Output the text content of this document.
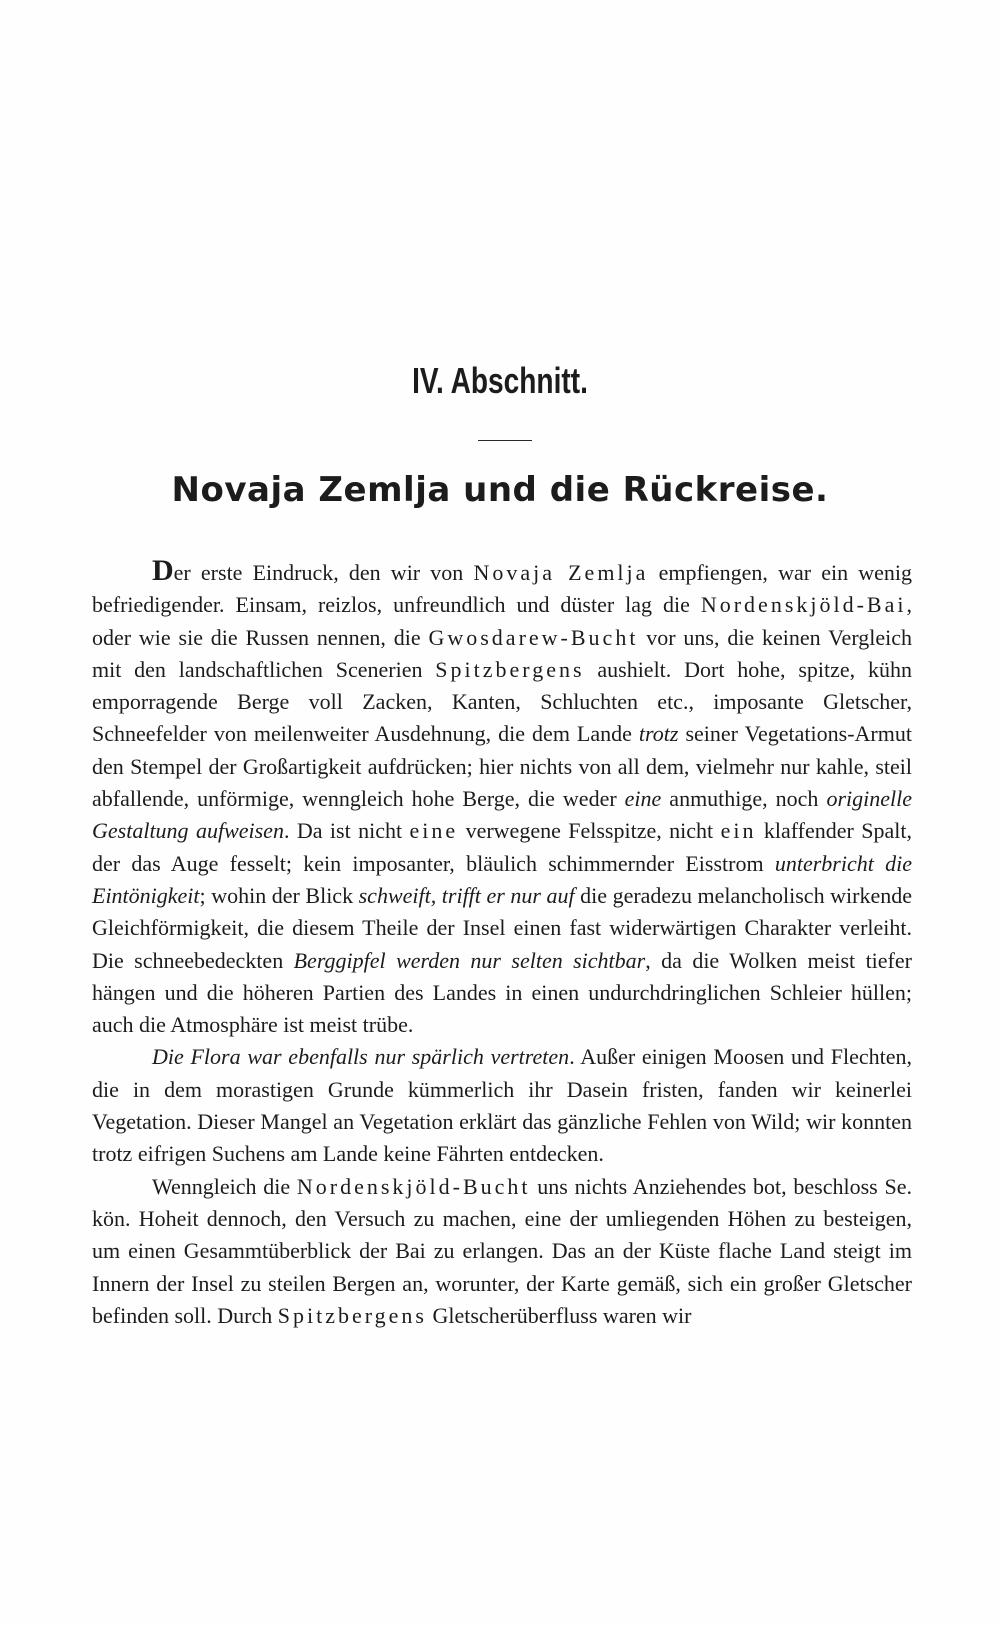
IV. Abschnitt.
Novaja Zemlja und die Rückreise.

Der erste Eindruck, den wir von Novaja Zemlja empfiengen, war ein wenig befriedigender. Einsam, reizlos, unfreundlich und düster lag die Nordenskjöld-Bai, oder wie sie die Russen nennen, die Gwosdarew-Bucht vor uns, die keinen Vergleich mit den landschaftlichen Scenerien Spitzbergens aushielt. Dort hohe, spitze, kühn emporragende Berge voll Zacken, Kanten, Schluchten etc., imposante Gletscher, Schneefelder von meilenweiter Ausdehnung, die dem Lande trotz seiner Vegetations-Armut den Stempel der Großartigkeit aufdrücken; hier nichts von all dem, vielmehr nur kahle, steil abfallende, unförmige, wenngleich hohe Berge, die weder eine anmuthige, noch originelle Gestaltung aufweisen. Da ist nicht eine verwegene Felsspitze, nicht ein klaffender Spalt, der das Auge fesselt; kein imposanter, bläulich schimmernder Eisstrom unterbricht die Eintönigkeit; wohin der Blick schweift, trifft er nur auf die geradezu melancholisch wirkende Gleichförmigkeit, die diesem Theile der Insel einen fast widerwärtigen Charakter verleiht. Die schneebedeckten Berggipfel werden nur selten sichtbar, da die Wolken meist tiefer hängen und die höheren Partien des Landes in einen undurchdringlichen Schleier hüllen; auch die Atmosphäre ist meist trübe.

Die Flora war ebenfalls nur spärlich vertreten. Außer einigen Moosen und Flechten, die in dem morastigen Grunde kümmerlich ihr Dasein fristen, fanden wir keinerlei Vegetation. Dieser Mangel an Vegetation erklärt das gänzliche Fehlen von Wild; wir konnten trotz eifrigen Suchens am Lande keine Fährten entdecken.

Wenngleich die Nordenskjöld-Bucht uns nichts Anziehendes bot, beschloss Se. kön. Hoheit dennoch, den Versuch zu machen, eine der umliegenden Höhen zu besteigen, um einen Gesammtüberblick der Bai zu erlangen. Das an der Küste flache Land steigt im Innern der Insel zu steilen Bergen an, worunter, der Karte gemäß, sich ein großer Gletscher befinden soll. Durch Spitzbergens Gletscherüberfluss waren wir
